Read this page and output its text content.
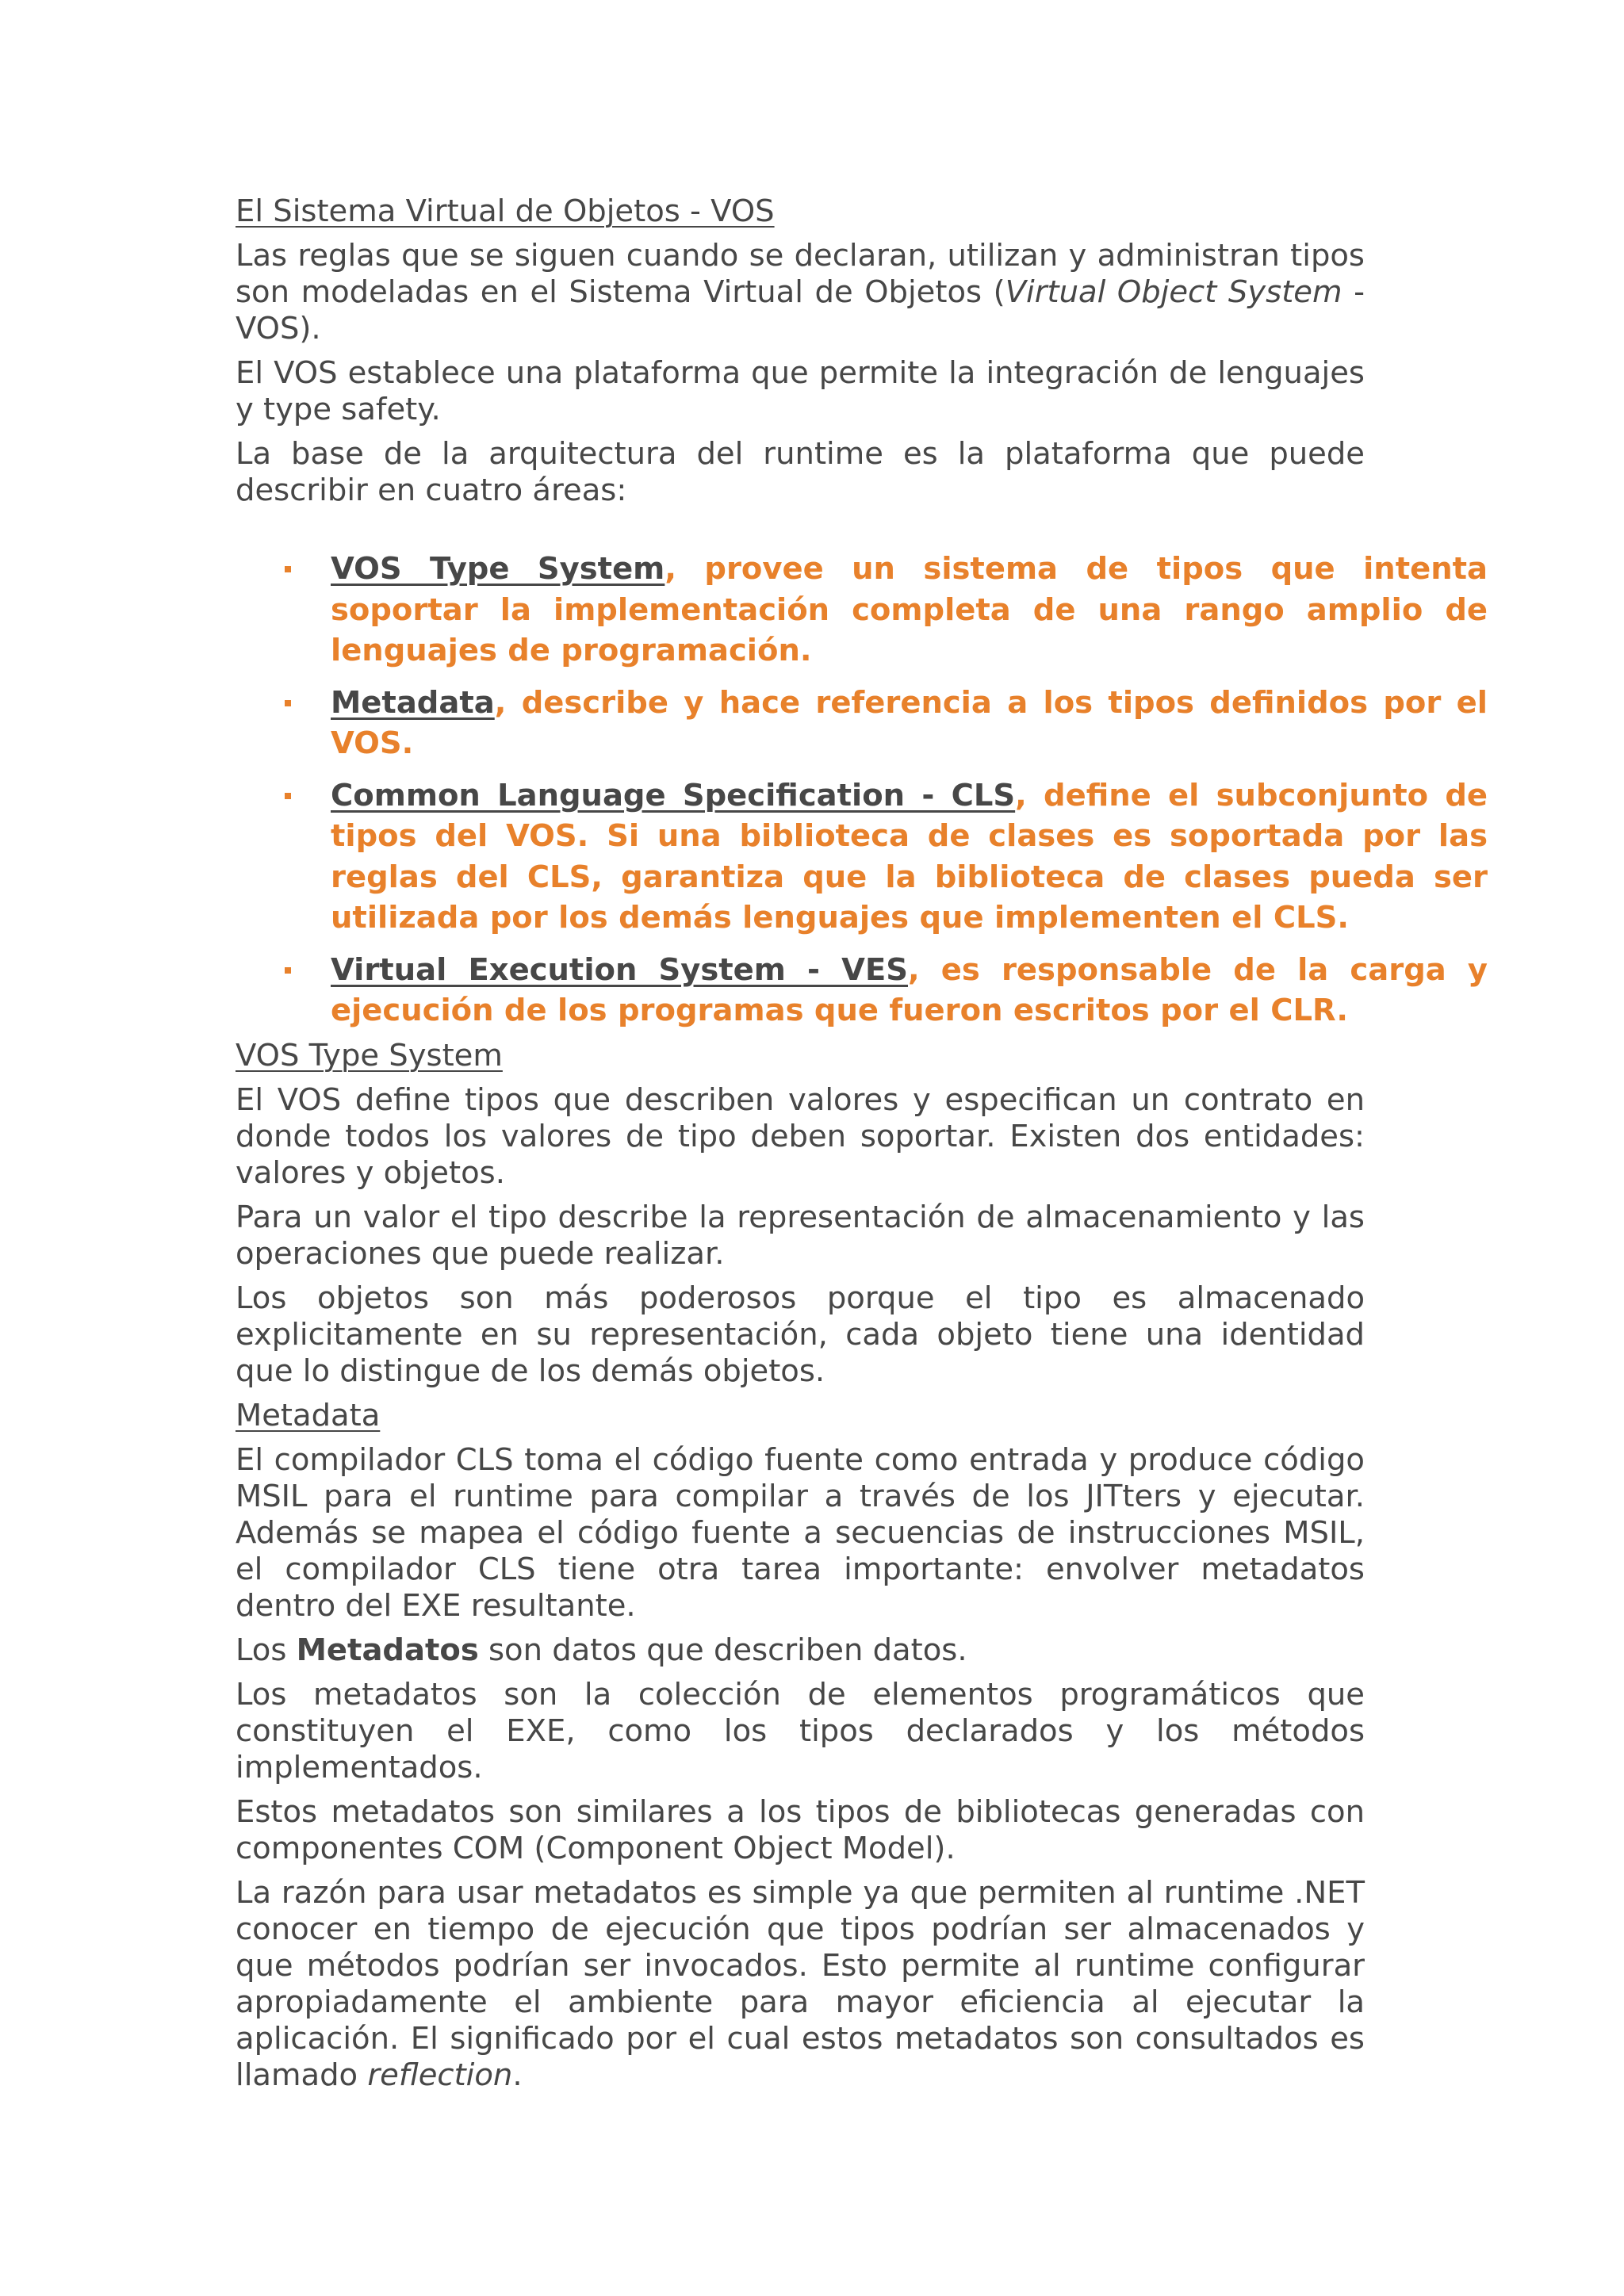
El Sistema Virtual de Objetos - VOS

Las reglas que se siguen cuando se declaran, utilizan y administran tipos son modeladas en el Sistema Virtual de Objetos (Virtual Object System - VOS).

El VOS establece una plataforma que permite la integración de lenguajes y type safety.

La base de la arquitectura del runtime es la plataforma que puede describir en cuatro áreas:

VOS Type System, provee un sistema de tipos que intenta soportar la implementación completa de una rango amplio de lenguajes de programación.
Metadata, describe y hace referencia a los tipos definidos por el VOS.
Common Language Specification - CLS, define el subconjunto de tipos del VOS. Si una biblioteca de clases es soportada por las reglas del CLS, garantiza que la biblioteca de clases pueda ser utilizada por los demás lenguajes que implementen el CLS.
Virtual Execution System - VES, es responsable de la carga y ejecución de los programas que fueron escritos por el CLR.

VOS Type System

El VOS define tipos que describen valores y especifican un contrato en donde todos los valores de tipo deben soportar. Existen dos entidades: valores y objetos.

Para un valor el tipo describe la representación de almacenamiento y las operaciones que puede realizar.

Los objetos son más poderosos porque el tipo es almacenado explicitamente en su representación, cada objeto tiene una identidad que lo distingue de los demás objetos.

Metadata

El compilador CLS toma el código fuente como entrada y produce código MSIL para el runtime para compilar a través de los JITters y ejecutar. Además se mapea el código fuente a secuencias de instrucciones MSIL, el compilador CLS tiene otra tarea importante: envolver metadatos dentro del EXE resultante.

Los Metadatos son datos que describen datos.

Los metadatos son la colección de elementos programáticos que constituyen el EXE, como los tipos declarados y los métodos implementados.

Estos metadatos son similares a los tipos de bibliotecas generadas con componentes COM (Component Object Model).

La razón para usar metadatos es simple ya que permiten al runtime .NET conocer en tiempo de ejecución que tipos podrían ser almacenados y que métodos podrían ser invocados. Esto permite al runtime configurar apropiadamente el ambiente para mayor eficiencia al ejecutar la aplicación. El significado por el cual estos metadatos son consultados es llamado reflection.
